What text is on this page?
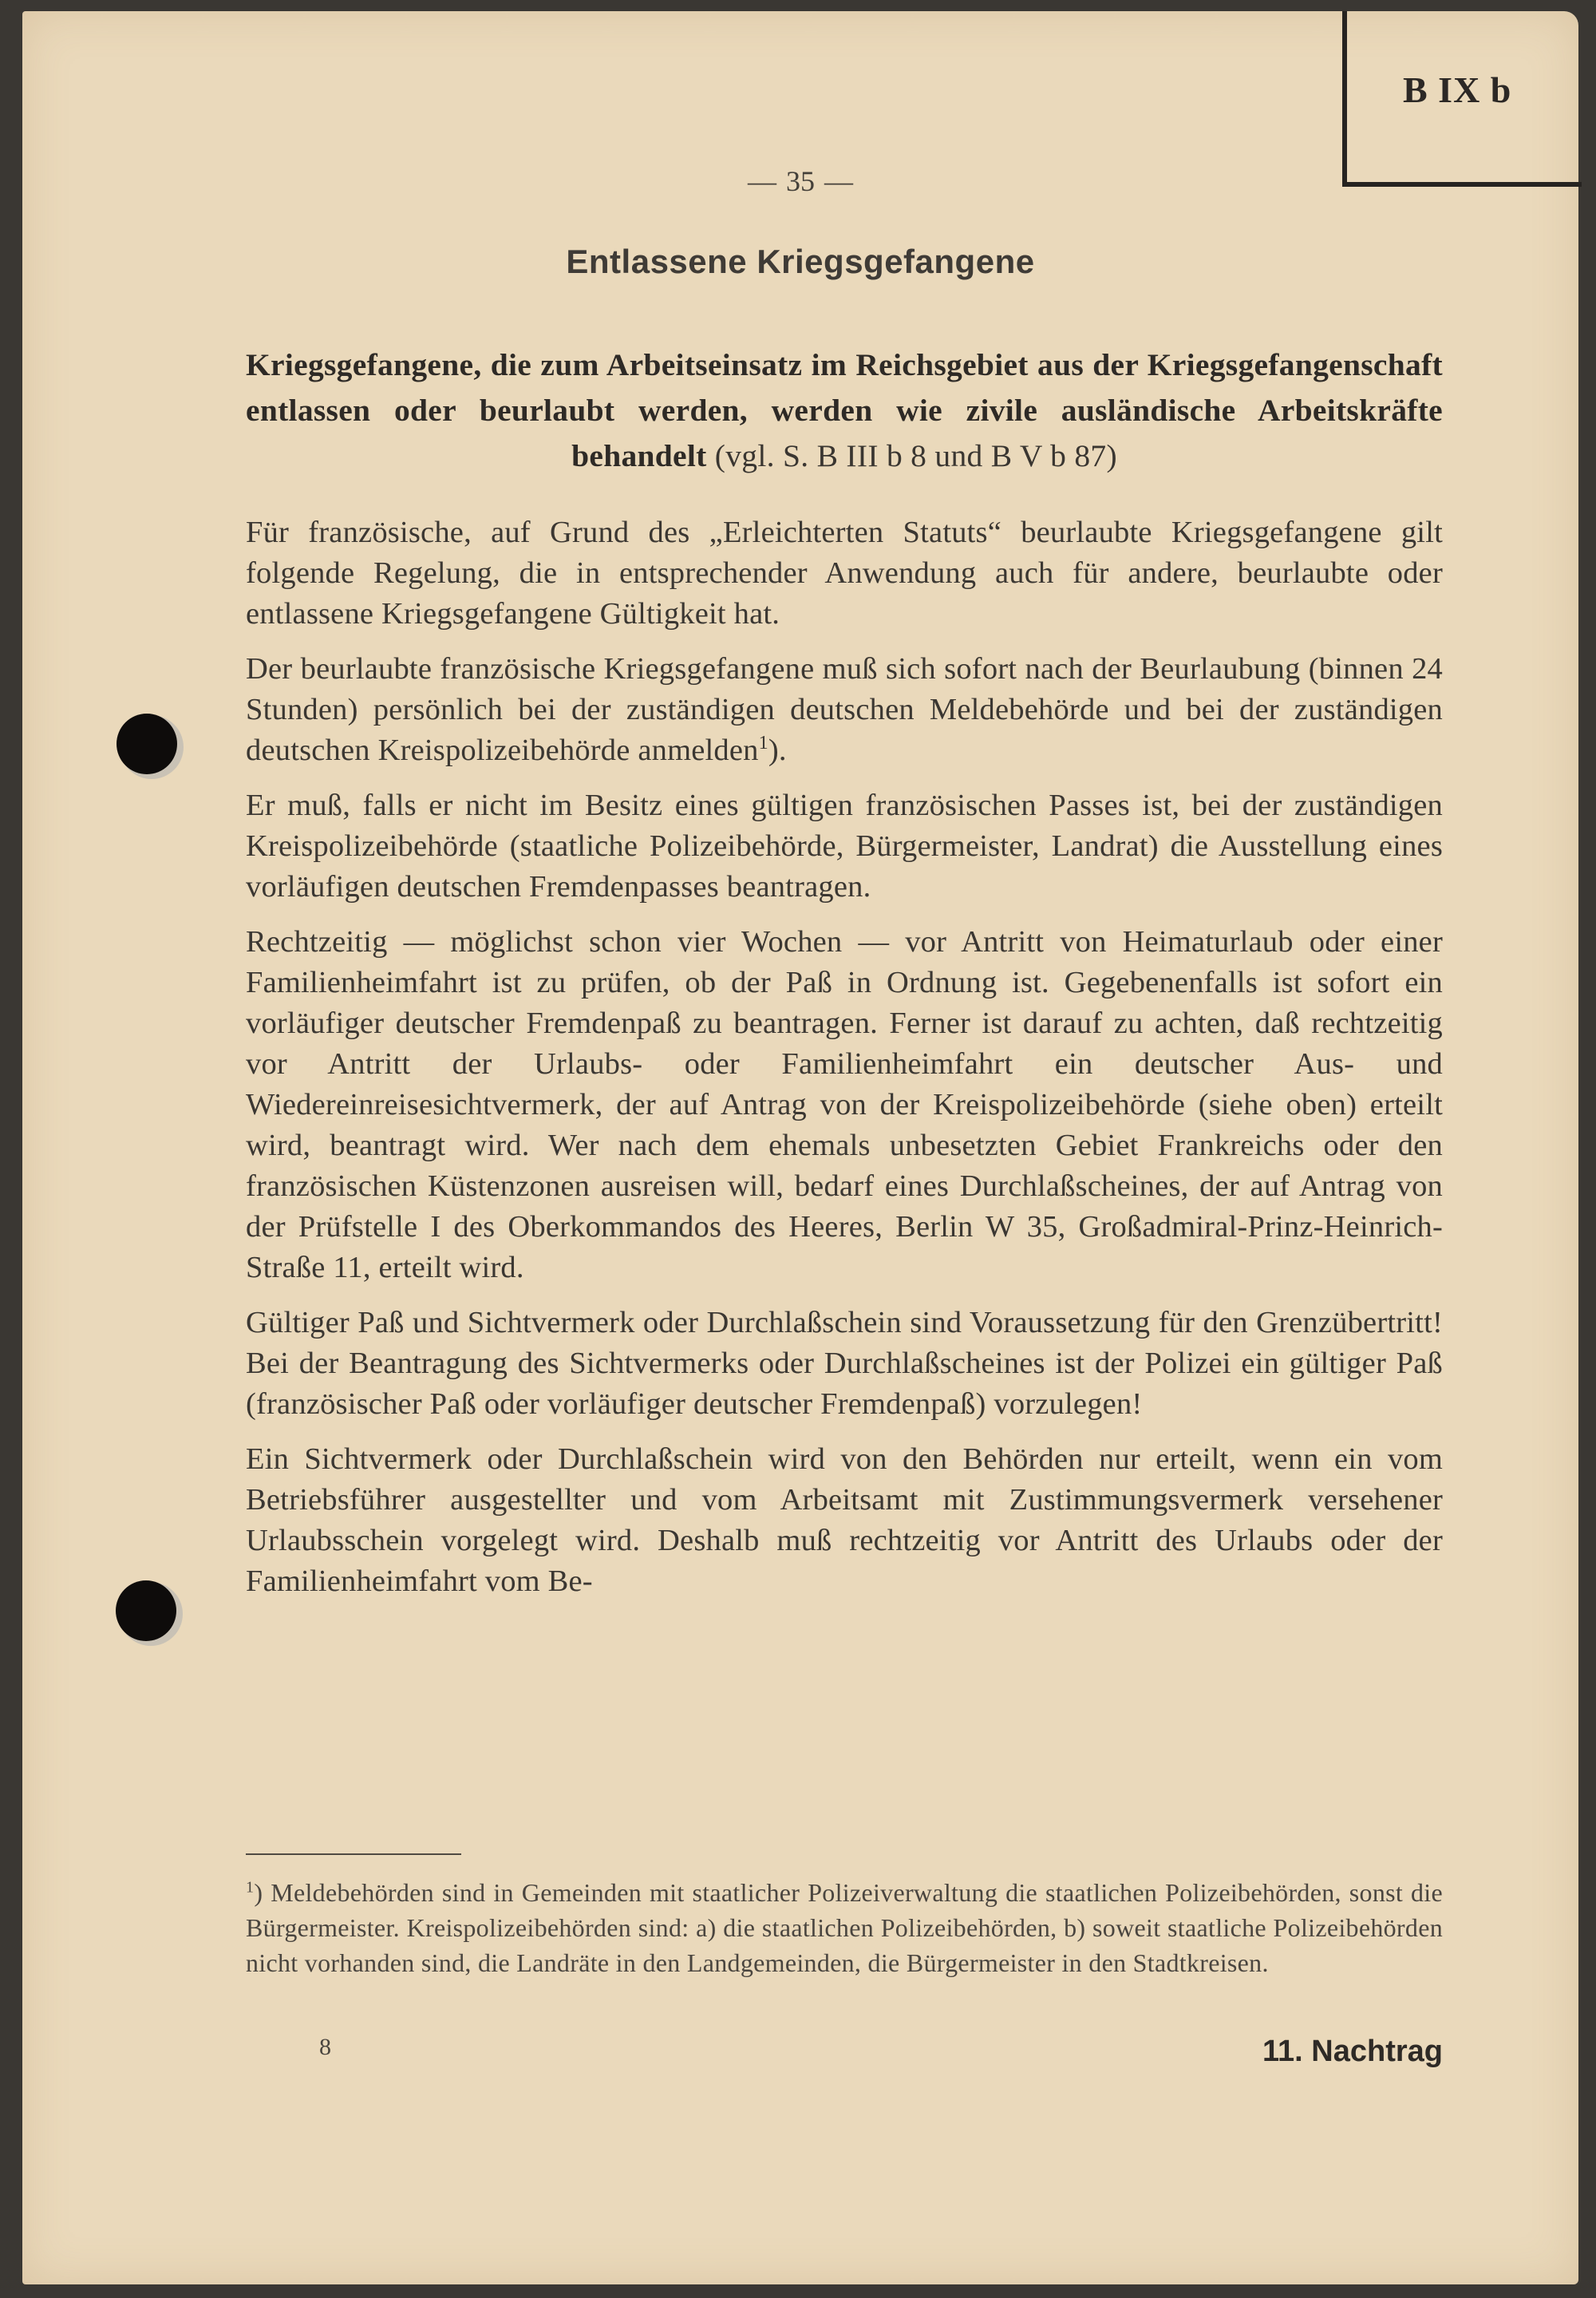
B IX b
— 35 —
Entlassene Kriegsgefangene
Kriegsgefangene, die zum Arbeitseinsatz im Reichsgebiet aus der Kriegsgefangenschaft entlassen oder beurlaubt werden, werden wie zivile ausländische Arbeitskräfte behandelt (vgl. S. B III b 8 und B V b 87)

Für französische, auf Grund des „Erleichterten Statuts“ beurlaubte Kriegsgefangene gilt folgende Regelung, die in entsprechender Anwendung auch für andere, beurlaubte oder entlassene Kriegsgefangene Gültigkeit hat.

Der beurlaubte französische Kriegsgefangene muß sich sofort nach der Beurlaubung (binnen 24 Stunden) persönlich bei der zuständigen deutschen Meldebehörde und bei der zuständigen deutschen Kreispolizeibehörde anmelden$^1$).

Er muß, falls er nicht im Besitz eines gültigen französischen Passes ist, bei der zuständigen Kreispolizeibehörde (staatliche Polizeibehörde, Bürgermeister, Landrat) die Ausstellung eines vorläufigen deutschen Fremdenpasses beantragen.

Rechtzeitig — möglichst schon vier Wochen — vor Antritt von Heimaturlaub oder einer Familienheimfahrt ist zu prüfen, ob der Paß in Ordnung ist. Gegebenenfalls ist sofort ein vorläufiger deutscher Fremdenpaß zu beantragen. Ferner ist darauf zu achten, daß rechtzeitig vor Antritt der Urlaubs- oder Familienheimfahrt ein deutscher Aus- und Wiedereinreisesichtvermerk, der auf Antrag von der Kreispolizeibehörde (siehe oben) erteilt wird, beantragt wird. Wer nach dem ehemals unbesetzten Gebiet Frankreichs oder den französischen Küstenzonen ausreisen will, bedarf eines Durchlaßscheines, der auf Antrag von der Prüfstelle I des Oberkommandos des Heeres, Berlin W 35, Großadmiral-Prinz-Heinrich-Straße 11, erteilt wird.

Gültiger Paß und Sichtvermerk oder Durchlaßschein sind Voraussetzung für den Grenzübertritt! Bei der Beantragung des Sichtvermerks oder Durchlaßscheines ist der Polizei ein gültiger Paß (französischer Paß oder vorläufiger deutscher Fremdenpaß) vorzulegen!

Ein Sichtvermerk oder Durchlaßschein wird von den Behörden nur erteilt, wenn ein vom Betriebsführer ausgestellter und vom Arbeitsamt mit Zustimmungsvermerk versehener Urlaubsschein vorgelegt wird. Deshalb muß rechtzeitig vor Antritt des Urlaubs oder der Familienheimfahrt vom Be-

$^1$) Meldebehörden sind in Gemeinden mit staatlicher Polizeiverwaltung die staatlichen Polizeibehörden, sonst die Bürgermeister. Kreispolizeibehörden sind: a) die staatlichen Polizeibehörden, b) soweit staatliche Polizeibehörden nicht vorhanden sind, die Landräte in den Landgemeinden, die Bürgermeister in den Stadtkreisen.
8	11. Nachtrag
